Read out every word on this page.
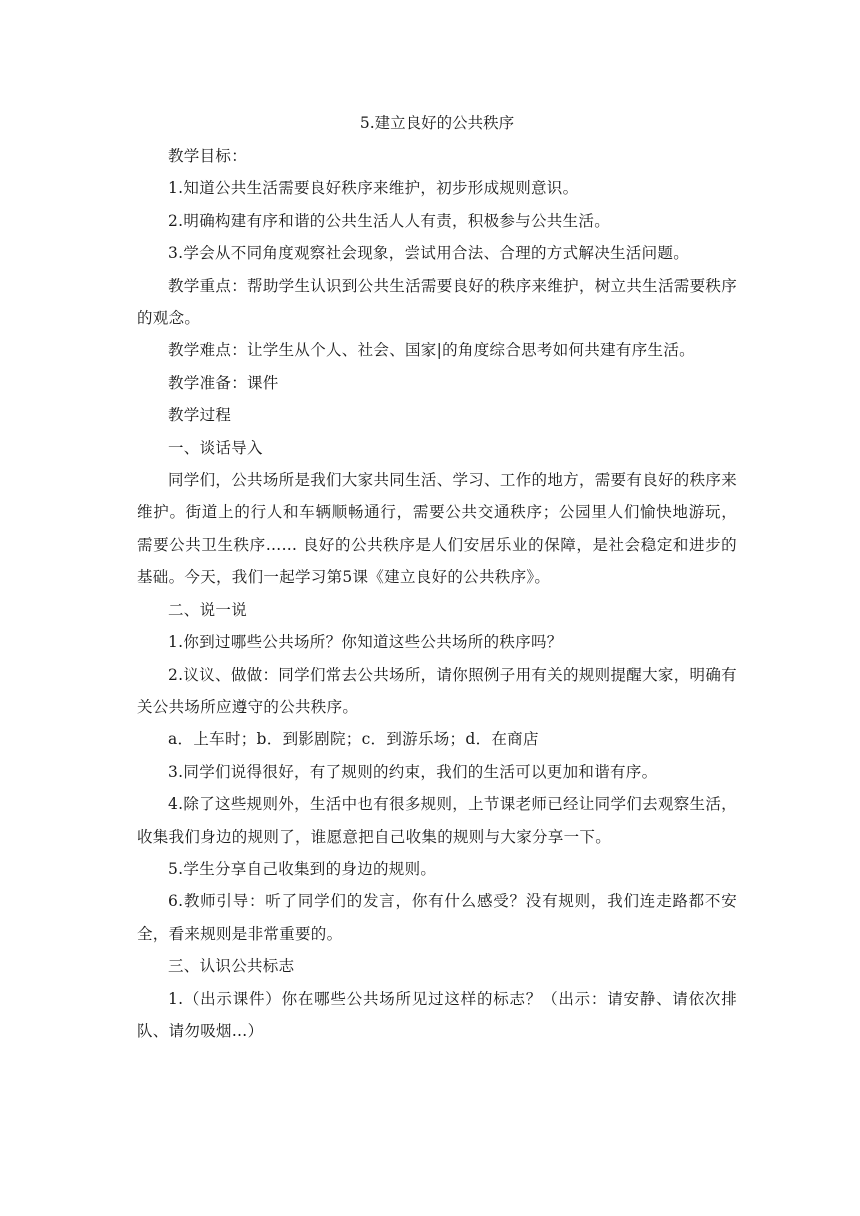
5.建立良好的公共秩序

教学目标：

1.知道公共生活需要良好秩序来维护，初步形成规则意识。

2.明确构建有序和谐的公共生活人人有责，积极参与公共生活。

3.学会从不同角度观察社会现象，尝试用合法、合理的方式解决生活问题。

教学重点：帮助学生认识到公共生活需要良好的秩序来维护，树立共生活需要秩序的观念。

教学难点：让学生从个人、社会、国家|的角度综合思考如何共建有序生活。

教学准备：课件

教学过程

一、谈话导入

同学们，公共场所是我们大家共同生活、学习、工作的地方，需要有良好的秩序来维护。街道上的行人和车辆顺畅通行，需要公共交通秩序；公园里人们愉快地游玩，需要公共卫生秩序…… 良好的公共秩序是人们安居乐业的保障，是社会稳定和进步的基础。今天，我们一起学习第5课《建立良好的公共秩序》。

二、说一说

1.你到过哪些公共场所？你知道这些公共场所的秩序吗？

2.议议、做做：同学们常去公共场所，请你照例子用有关的规则提醒大家，明确有关公共场所应遵守的公共秩序。

a．上车时；b．到影剧院；c．到游乐场；d．在商店

3.同学们说得很好，有了规则的约束，我们的生活可以更加和谐有序。

4.除了这些规则外，生活中也有很多规则，上节课老师已经让同学们去观察生活，收集我们身边的规则了，谁愿意把自己收集的规则与大家分享一下。

5.学生分享自己收集到的身边的规则。

6.教师引导：听了同学们的发言，你有什么感受？没有规则，我们连走路都不安全，看来规则是非常重要的。

三、认识公共标志

1.（出示课件）你在哪些公共场所见过这样的标志？（出示：请安静、请依次排队、请勿吸烟…）
